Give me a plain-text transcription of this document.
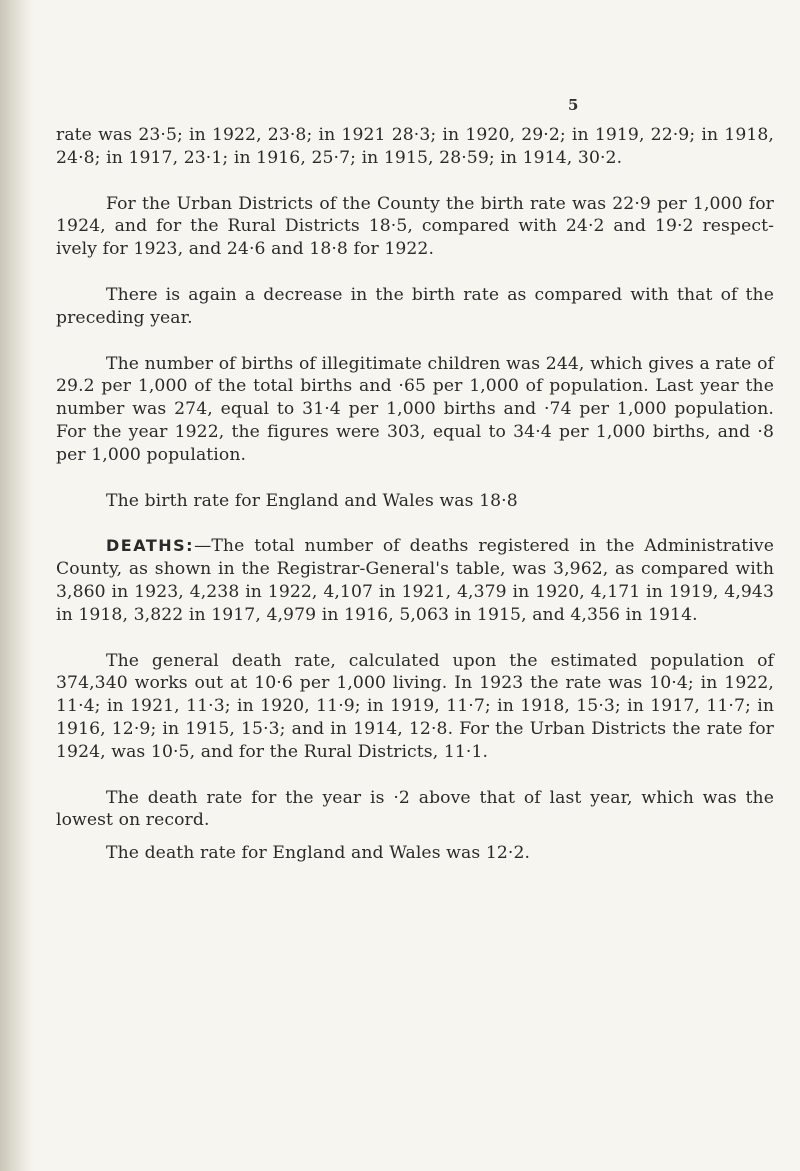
5

rate was 23·5; in 1922, 23·8; in 1921 28·3; in 1920, 29·2; in 1919, 22·9; in 1918, 24·8; in 1917, 23·1; in 1916, 25·7; in 1915, 28·59; in 1914, 30·2.

For the Urban Districts of the County the birth rate was 22·9 per 1,000 for 1924, and for the Rural Districts 18·5, compared with 24·2 and 19·2 respect-ively for 1923, and 24·6 and 18·8 for 1922.

There is again a decrease in the birth rate as compared with that of the preceding year.

The number of births of illegitimate children was 244, which gives a rate of 29.2 per 1,000 of the total births and ·65 per 1,000 of population. Last year the number was 274, equal to 31·4 per 1,000 births and ·74 per 1,000 population. For the year 1922, the figures were 303, equal to 34·4 per 1,000 births, and ·8 per 1,000 population.

The birth rate for England and Wales was 18·8

DEATHS:—The total number of deaths registered in the Administrative County, as shown in the Registrar-General's table, was 3,962, as compared with 3,860 in 1923, 4,238 in 1922, 4,107 in 1921, 4,379 in 1920, 4,171 in 1919, 4,943 in 1918, 3,822 in 1917, 4,979 in 1916, 5,063 in 1915, and 4,356 in 1914.

The general death rate, calculated upon the estimated population of 374,340 works out at 10·6 per 1,000 living. In 1923 the rate was 10·4; in 1922, 11·4; in 1921, 11·3; in 1920, 11·9; in 1919, 11·7; in 1918, 15·3; in 1917, 11·7; in 1916, 12·9; in 1915, 15·3; and in 1914, 12·8. For the Urban Districts the rate for 1924, was 10·5, and for the Rural Districts, 11·1.

The death rate for the year is ·2 above that of last year, which was the lowest on record.

The death rate for England and Wales was 12·2.
